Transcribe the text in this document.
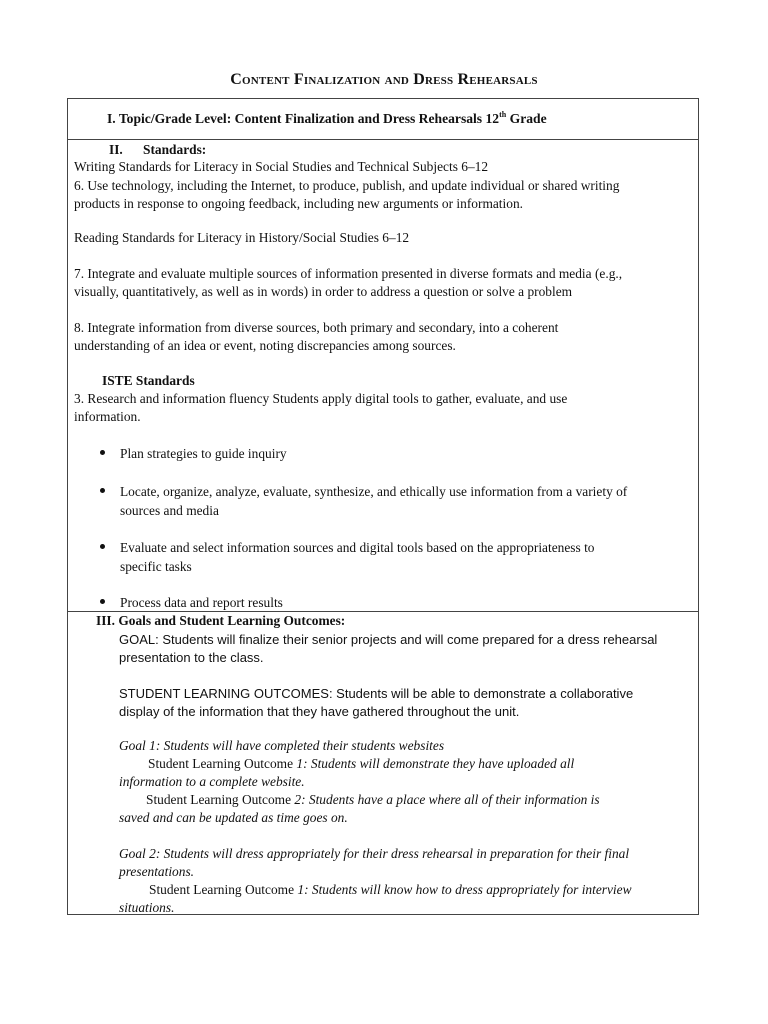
Content Finalization and Dress Rehearsals
I. Topic/Grade Level: Content Finalization and Dress Rehearsals 12th Grade
II. Standards:
Writing Standards for Literacy in Social Studies and Technical Subjects 6–12
6. Use technology, including the Internet, to produce, publish, and update individual or shared writing
products in response to ongoing feedback, including new arguments or information.
Reading Standards for Literacy in History/Social Studies 6–12
7. Integrate and evaluate multiple sources of information presented in diverse formats and media (e.g.,
visually, quantitatively, as well as in words) in order to address a question or solve a problem
8. Integrate information from diverse sources, both primary and secondary, into a coherent
understanding of an idea or event, noting discrepancies among sources.
ISTE Standards
3. Research and information fluency Students apply digital tools to gather, evaluate, and use
information.
Plan strategies to guide inquiry
Locate, organize, analyze, evaluate, synthesize, and ethically use information from a variety of
sources and media
Evaluate and select information sources and digital tools based on the appropriateness to
specific tasks
Process data and report results
III. Goals and Student Learning Outcomes:
GOAL: Students will finalize their senior projects and will come prepared for a dress rehearsal
presentation to the class.
STUDENT LEARNING OUTCOMES: Students will be able to demonstrate a collaborative
display of the information that they have gathered throughout the unit.
Goal 1: Students will have completed their students websites
Student Learning Outcome 1: Students will demonstrate they have uploaded all
information to a complete website.
Student Learning Outcome 2: Students have a place where all of their information is
saved and can be updated as time goes on.
Goal 2: Students will dress appropriately for their dress rehearsal in preparation for their final
presentations.
Student Learning Outcome 1: Students will know how to dress appropriately for interview
situations.
